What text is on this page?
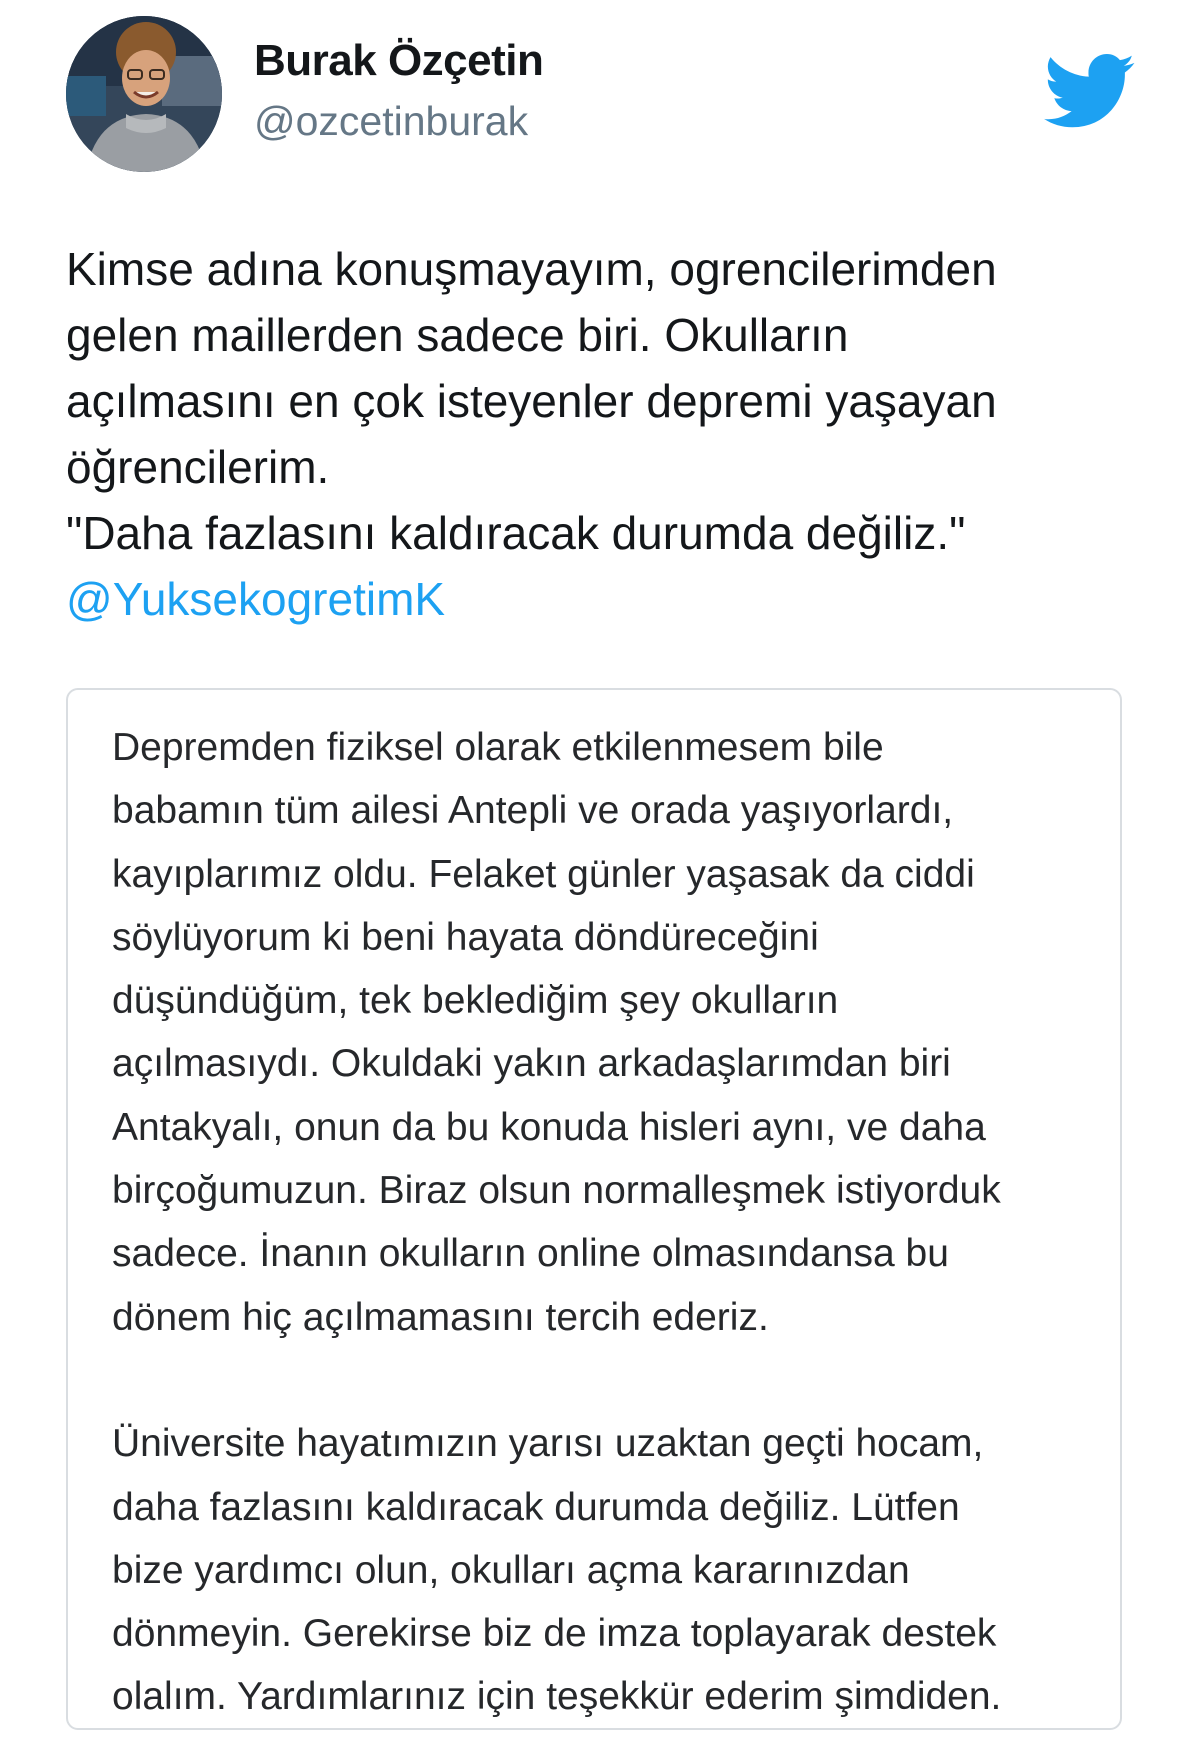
Burak Özçetin
@ozcetinburak
Kimse adına konuşmayayım, ogrencilerimden
gelen maillerden sadece biri. Okulların
açılmasını en çok isteyenler depremi yaşayan
öğrencilerim.
"Daha fazlasını kaldıracak durumda değiliz."
@YuksekogretimK
Depremden fiziksel olarak etkilenmesem bile
babamın tüm ailesi Antepli ve orada yaşıyorlardı,
kayıplarımız oldu. Felaket günler yaşasak da ciddi
söylüyorum ki beni hayata döndüreceğini
düşündüğüm, tek beklediğim şey okulların
açılmasıydı. Okuldaki yakın arkadaşlarımdan biri
Antakyalı, onun da bu konuda hisleri aynı, ve daha
birçoğumuzun. Biraz olsun normalleşmek istiyorduk
sadece. İnanın okulların online olmasındansa bu
dönem hiç açılmamasını tercih ederiz.
Üniversite hayatımızın yarısı uzaktan geçti hocam,
daha fazlasını kaldıracak durumda değiliz. Lütfen
bize yardımcı olun, okulları açma kararınızdan
dönmeyin. Gerekirse biz de imza toplayarak destek
olalım. Yardımlarınız için teşekkür ederim şimdiden.
